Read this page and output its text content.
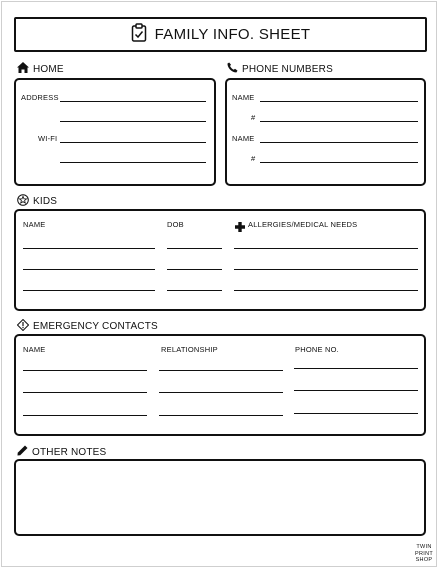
FAMILY INFO. SHEET
HOME
ADDRESS
WI-FI
PHONE NUMBERS
NAME
#
NAME
#
KIDS
NAME	DOB	ALLERGIES/MEDICAL NEEDS
EMERGENCY CONTACTS
NAME	RELATIONSHIP	PHONE NO.
OTHER NOTES
TWIN
PRINT
SHOP
